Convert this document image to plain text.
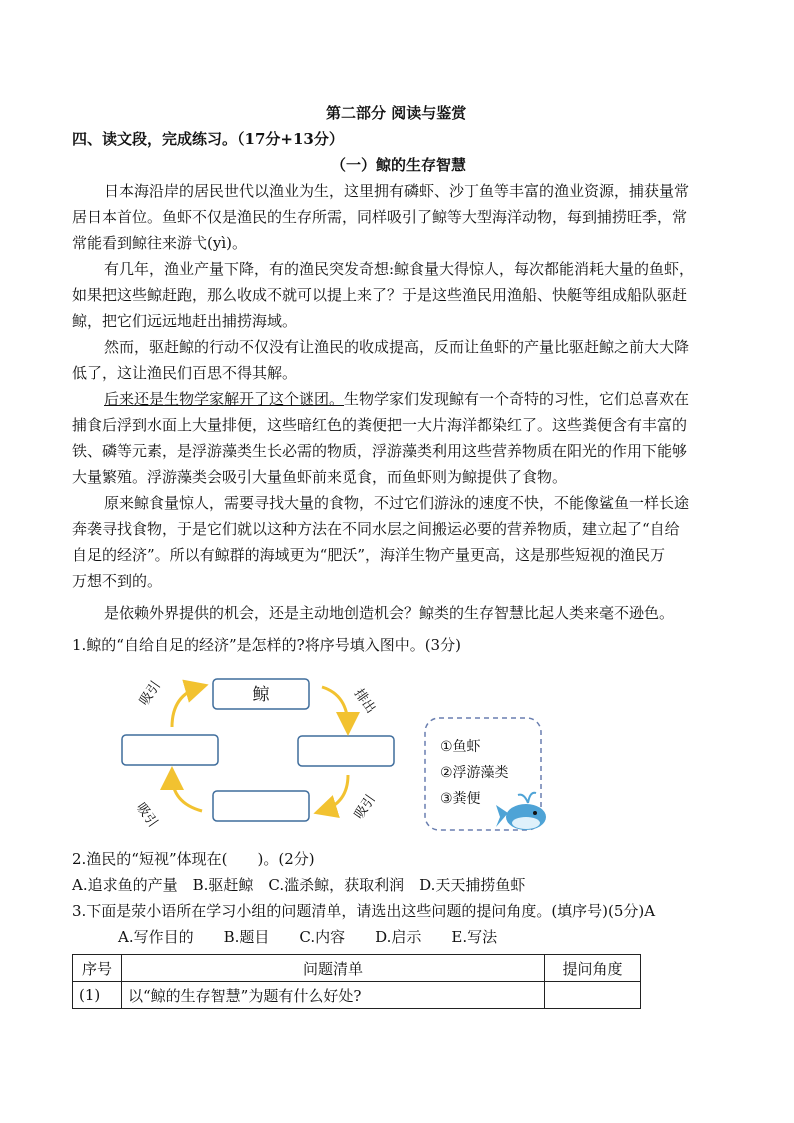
第二部分 阅读与鉴赏
四、读文段，完成练习。（17分+13分）
（一）鲸的生存智慧
日本海沿岸的居民世代以渔业为生，这里拥有磷虾、沙丁鱼等丰富的渔业资源，捕获量常
居日本首位。鱼虾不仅是渔民的生存所需，同样吸引了鲸等大型海洋动物，每到捕捞旺季，常
常能看到鲸往来游弋(yì)。
有几年，渔业产量下降，有的渔民突发奇想:鲸食量大得惊人，每次都能消耗大量的鱼虾，
如果把这些鲸赶跑，那么收成不就可以提上来了？于是这些渔民用渔船、快艇等组成船队驱赶
鲸，把它们远远地赶出捕捞海域。
然而，驱赶鲸的行动不仅没有让渔民的收成提高，反而让鱼虾的产量比驱赶鲸之前大大降
低了，这让渔民们百思不得其解。
后来还是生物学家解开了这个谜团。生物学家们发现鲸有一个奇特的习性，它们总喜欢在
捕食后浮到水面上大量排便，这些暗红色的粪便把一大片海洋都染红了。这些粪便含有丰富的
铁、磷等元素，是浮游藻类生长必需的物质，浮游藻类利用这些营养物质在阳光的作用下能够
大量繁殖。浮游藻类会吸引大量鱼虾前来觅食，而鱼虾则为鲸提供了食物。
原来鲸食量惊人，需要寻找大量的食物，不过它们游泳的速度不快，不能像鲨鱼一样长途
奔袭寻找食物，于是它们就以这种方法在不同水层之间搬运必要的营养物质，建立起了“自给
自足的经济”。所以有鲸群的海域更为“肥沃”，海洋生物产量更高，这是那些短视的渔民万
万想不到的。
是依赖外界提供的机会，还是主动地创造机会？鲸类的生存智慧比起人类来毫不逊色。
1.鲸的“自给自足的经济”是怎样的?将序号填入图中。(3分)
鲸
吸引	排出
吸引
吸引
①鱼虾
②浮游藻类
③粪便
2.渔民的“短视”体现在(　　)。(2分)
A.追求鱼的产量　B.驱赶鲸　C.滥杀鲸，获取利润　D.天天捕捞鱼虾
3.下面是荥小语所在学习小组的问题清单，请选出这些问题的提问角度。(填序号)(5分)A
A.写作目的　　B.题目　　C.内容　　D.启示　　E.写法
序号	问题清单	提问角度
(1)	以“鲸的生存智慧”为题有什么好处?	
